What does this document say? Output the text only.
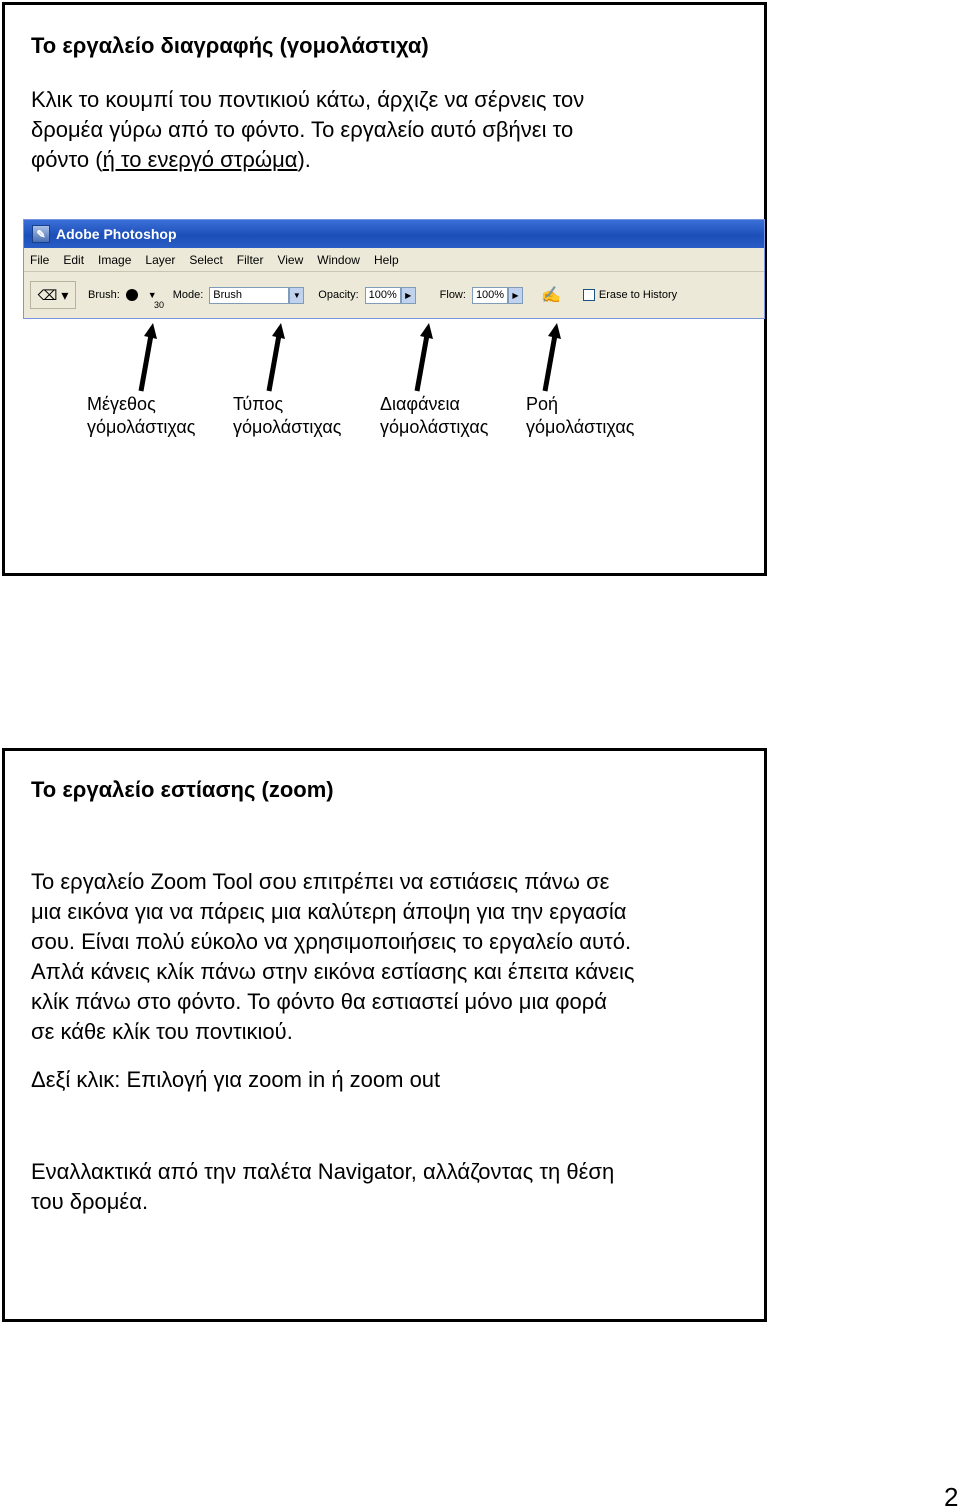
Το εργαλείο διαγραφής (γομολάστιχα)
Κλικ το κουμπί του ποντικιού κάτω, άρχιζε να σέρνεις τον
δρομέα γύρω από το φόντο. Το εργαλείο αυτό σβήνει το
φόντο (ή το ενεργό στρώμα).
✎ Adobe Photoshop
File Edit Image Layer Select Filter View Window Help
⌫ ▾	Brush:
30
▼ Mode: Brush	▼	Opacity: 100%	▶	Flow: 100%	▶ ✍	Erase to History
Μέγεθος
γόμολάστιχας
Τύπος
γόμολάστιχας
Διαφάνεια
γόμολάστιχας
Ροή
γόμολάστιχας
Το εργαλείο εστίασης (zoom)
Το εργαλείο Zoom Tool σου επιτρέπει να εστιάσεις πάνω σε
μια εικόνα για να πάρεις μια καλύτερη άποψη για την εργασία
σου. Είναι πολύ εύκολο να χρησιμοποιήσεις το εργαλείο αυτό.
Απλά κάνεις κλίκ πάνω στην εικόνα εστίασης και έπειτα κάνεις
κλίκ πάνω στο φόντο. Το φόντο θα εστιαστεί μόνο μια φορά
σε κάθε κλίκ του ποντικιού.
Δεξί κλικ: Επιλογή για zoom in ή zoom out
Εναλλακτικά από την παλέτα Navigator, αλλάζοντας τη θέση
του δρομέα.
2
